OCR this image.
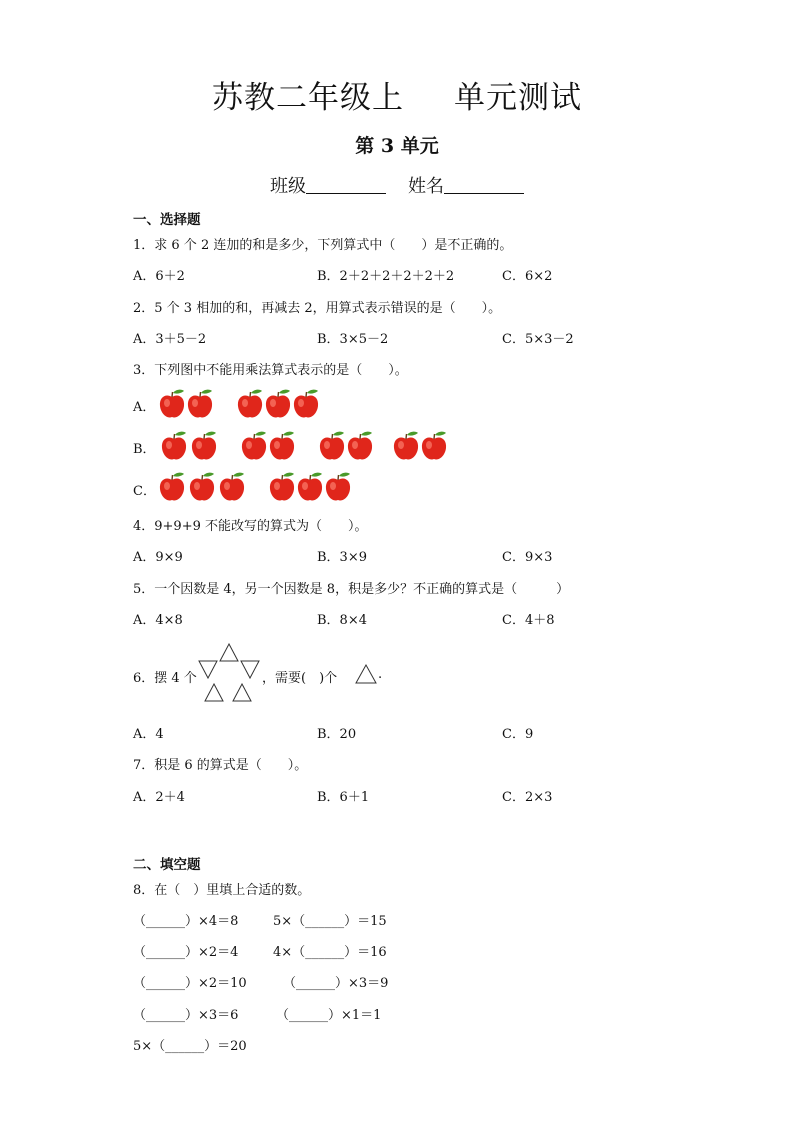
苏教二年级上 单元测试
第 3 单元
班级	姓名
一、选择题
1．求 6 个 2 连加的和是多少，下列算式中（　　）是不正确的。
A．6＋2	B．2＋2＋2＋2＋2＋2	C．6×2
2．5 个 3 相加的和，再减去 2，用算式表示错误的是（　　）。
A．3＋5－2	B．3×5－2	C．5×3－2
3．下列图中不能用乘法算式表示的是（　　）。
A．
B．
C．
4．9+9+9 不能改写的算式为（　　）。
A．9×9	B．3×9	C．9×3
5．一个因数是 4，另一个因数是 8，积是多少？不正确的算式是（　　　）
A．4×8	B．8×4	C．4＋8
6．摆 4 个	，需要(　)个	.
A．4	B．20	C．9
7．积是 6 的算式是（　　）。
A．2＋4	B．6＋1	C．2×3
二、填空题
8．在（　）里填上合适的数。
（______）×4＝8	5×（______）＝15
（______）×2＝4	4×（______）＝16
（______）×2＝10	（______）×3＝9
（______）×3＝6	（______）×1＝1
5×（______）＝20
